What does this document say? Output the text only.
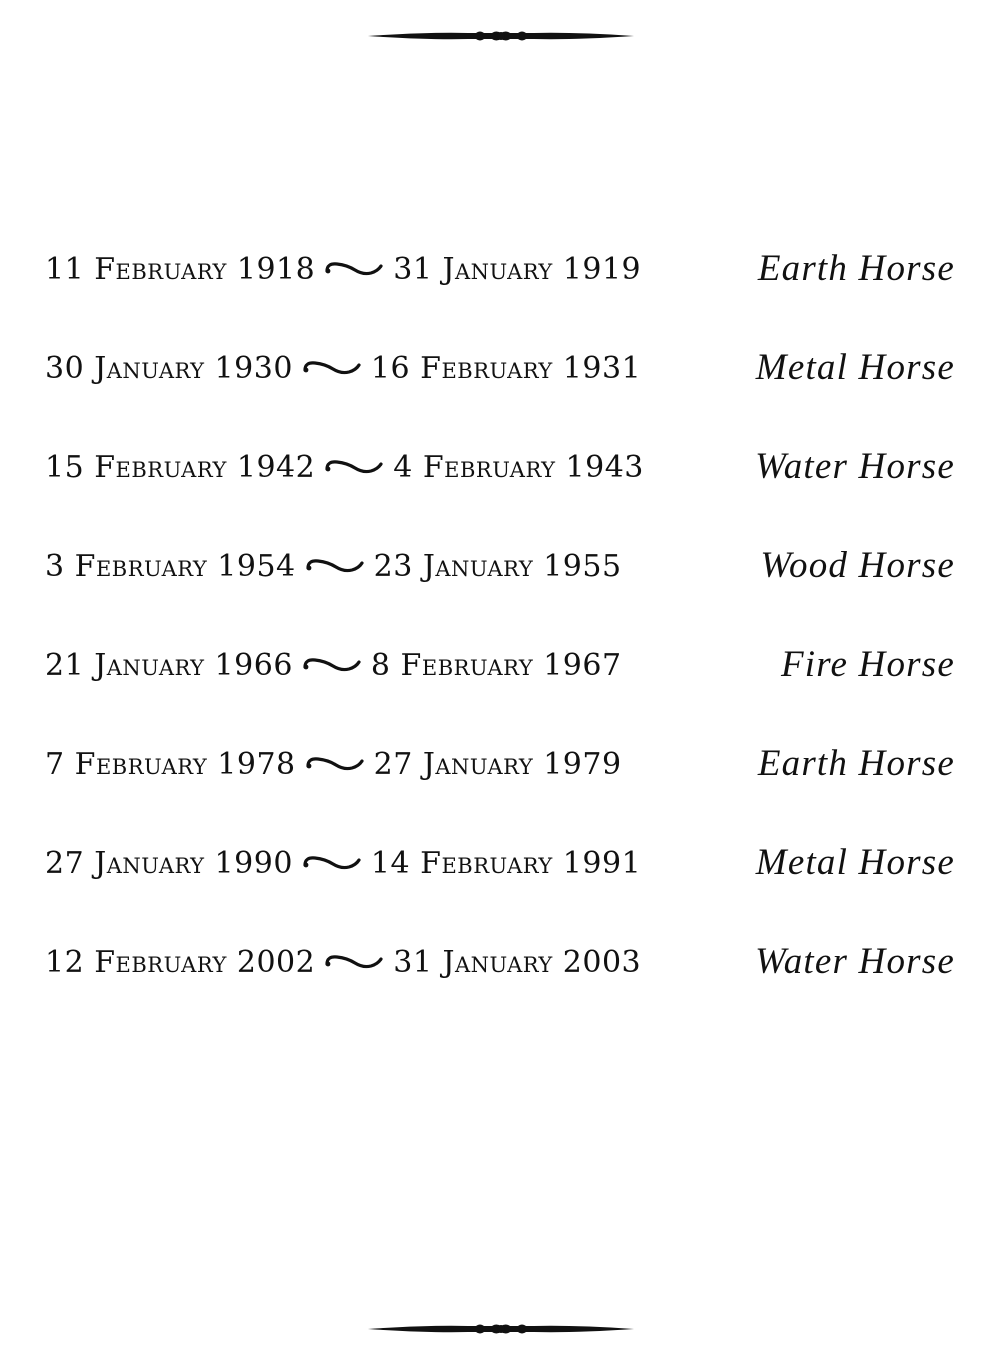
11 February 1918	31 January 1919	Earth Horse
30 January 1930	16 February 1931	Metal Horse
15 February 1942	4 February 1943	Water Horse
3 February 1954	23 January 1955	Wood Horse
21 January 1966	8 February 1967	Fire Horse
7 February 1978	27 January 1979	Earth Horse
27 January 1990	14 February 1991	Metal Horse
12 February 2002	31 January 2003	Water Horse
